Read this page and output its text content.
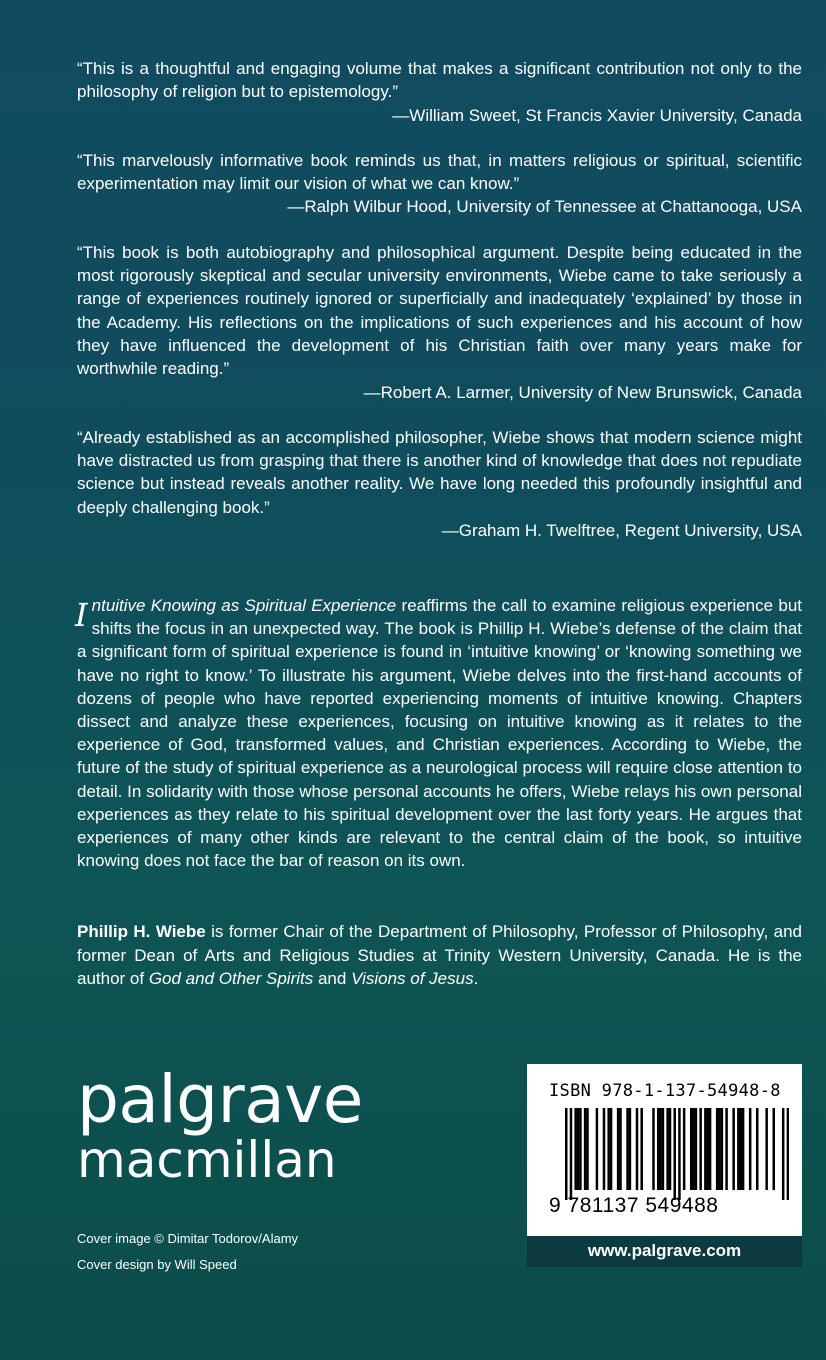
“This is a thoughtful and engaging volume that makes a significant contribution not only to the philosophy of religion but to epistemology.”

—William Sweet, St Francis Xavier University, Canada

“This marvelously informative book reminds us that, in matters religious or spiritual, scientific experimentation may limit our vision of what we can know.”

—Ralph Wilbur Hood, University of Tennessee at Chattanooga, USA

“This book is both autobiography and philosophical argument. Despite being educated in the most rigorously skeptical and secular university environments, Wiebe came to take seriously a range of experiences routinely ignored or superficially and inadequately ‘explained’ by those in the Academy. His reflections on the implications of such experiences and his account of how they have influenced the development of his Christian faith over many years make for worthwhile reading.”

—Robert A. Larmer, University of New Brunswick, Canada

“Already established as an accomplished philosopher, Wiebe shows that modern science might have distracted us from grasping that there is another kind of knowledge that does not repudiate science but instead reveals another reality. We have long needed this profoundly insightful and deeply challenging book.”

—Graham H. Twelftree, Regent University, USA

Intuitive Knowing as Spiritual Experience reaffirms the call to examine religious experience but shifts the focus in an unexpected way. The book is Phillip H. Wiebe’s defense of the claim that a significant form of spiritual experience is found in ‘intuitive knowing’ or ‘knowing something we have no right to know.’ To illustrate his argument, Wiebe delves into the first-hand accounts of dozens of people who have reported experiencing moments of intuitive knowing. Chapters dissect and analyze these experiences, focusing on intuitive knowing as it relates to the experience of God, transformed values, and Christian experiences. According to Wiebe, the future of the study of spiritual experience as a neurological process will require close attention to detail. In solidarity with those whose personal accounts he offers, Wiebe relays his own personal experiences as they relate to his spiritual development over the last forty years. He argues that experiences of many other kinds are relevant to the central claim of the book, so intuitive knowing does not face the bar of reason on its own.

Phillip H. Wiebe is former Chair of the Department of Philosophy, Professor of Philosophy, and former Dean of Arts and Religious Studies at Trinity Western University, Canada. He is the author of God and Other Spirits and Visions of Jesus.

palgrave
macmillan
Cover image © Dimitar Todorov/Alamy
Cover design by Will Speed
ISBN 978-1-137-54948-8
9 781137 549488
www.palgrave.com
